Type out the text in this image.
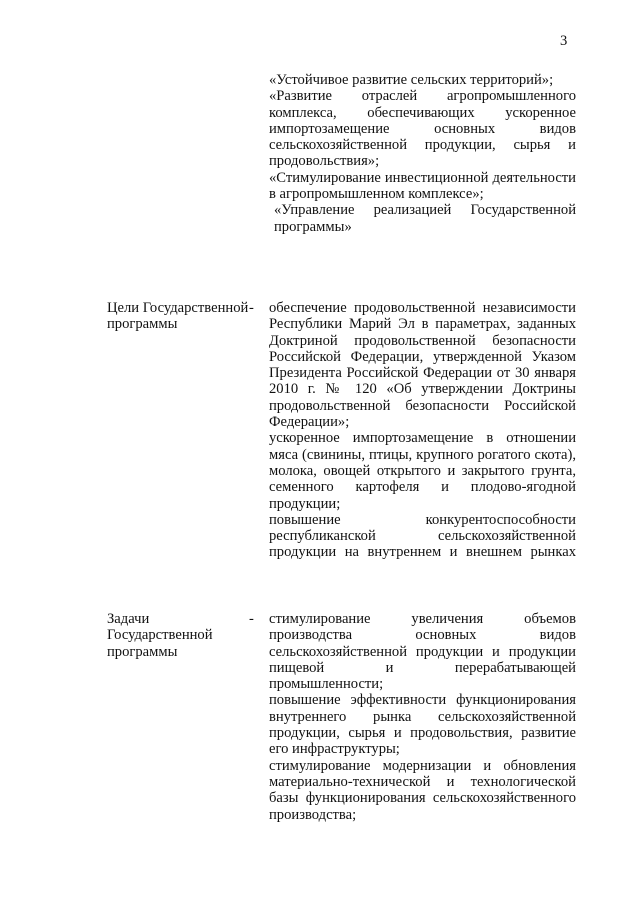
3
«Устойчивое развитие сельских территорий»;
«Развитие отраслей агропромышленного комплекса, обеспечивающих ускоренное импортозамещение основных видов сельскохозяйственной продукции, сырья и продовольствия»;
«Стимулирование инвестиционной деятельности в агропромышленном комплексе»;
«Управление реализацией Государственной программы»
Цели Государственной программы
- обеспечение продовольственной независимости Республики Марий Эл в параметрах, заданных Доктриной продовольственной безопасности Российской Федерации, утвержденной Указом Президента Российской Федерации от 30 января 2010 г. № 120 «Об утверждении Доктрины продовольственной безопасности Российской Федерации»;
ускоренное импортозамещение в отношении мяса (свинины, птицы, крупного рогатого скота), молока, овощей открытого и закрытого грунта, семенного картофеля и плодово-ягодной продукции;
повышение конкурентоспособности республиканской сельскохозяйственной продукции на внутреннем и внешнем рынках
Задачи Государственной программы
- стимулирование увеличения объемов производства основных видов сельскохозяйственной продукции и продукции пищевой и перерабатывающей промышленности;
повышение эффективности функционирования внутреннего рынка сельскохозяйственной продукции, сырья и продовольствия, развитие его инфраструктуры;
стимулирование модернизации и обновления материально-технической и технологической базы функционирования сельскохозяйственного производства;
